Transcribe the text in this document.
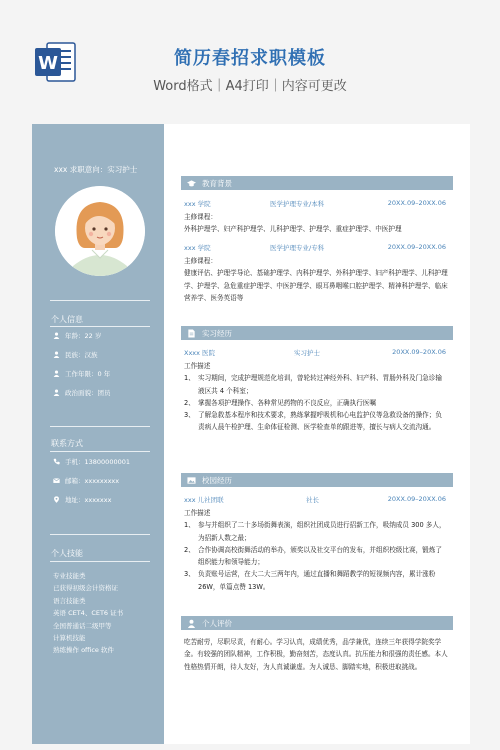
W	简历春招求职模板
Word格式｜A4打印｜内容可更改
xxx 求职意向：实习护士
个人信息
年龄：22 岁
民族：汉族
工作年限：0 年
政治面貌：团员
联系方式
手机：13800000001
邮箱：xxxxxxxxx
地址：xxxxxxx
个人技能
专业技能类
已获得初级会计资格证
语言技能类
英语 CET4、CET6 证书
全国普通话二级甲等
计算机技能
熟练操作 office 软件
教育背景
xxx 学院	医学护理专业/本科	20XX.09–20XX.06
主修课程：
外科护理学、妇产科护理学、儿科护理学、护理学、重症护理学、中医护理
xxx 学院	医学护理专业/专科	20XX.09–20XX.06
主修课程：
健康评估、护理学导论、基础护理学、内科护理学、外科护理学、妇产科护理学、儿科护理学、护理学、急危重症护理学、中医护理学、眼耳鼻咽喉口腔护理学、精神科护理学、临床营养学、医务英语等
实习经历
Xxxx 医院	实习护士	20XX.09–20X.06
工作描述
1、 实习期间，完成护理规范化培训，曾轮转过神经外科、妇产科、胃肠外科及门急诊输液区共 4 个科室；
2、 掌握各项护理操作、各种常见药物的不良反应，正确执行医嘱
3、 了解急救基本程序和技术要求，熟练掌握呼吸机和心电监护仪等急救设备的操作；负责病人晨午检护理、生命体征检测、医学检查单的跟进等，擅长与病人交流沟通。
校园经历
xxx 儿社团联	社长	20XX.09–20XX.06
工作描述
1、 参与并组织了二十多场街舞表演，组织社团成员进行招新工作，吸纳成员 300 多人，为招新人数之最；
2、 合作协调高校街舞活动的举办，颁奖以及社交平台的发布，并组织校级比赛，锻炼了组织能力和领导能力；
3、 负责账号运营，在大二大三两年内，通过直播和舞蹈教学的短视频内容，累计涨粉 26W，单篇点赞 13W。
个人评价
吃苦耐劳，尽职尽责，有耐心。学习认真，成绩优秀，品学兼优，连续三年获得学院奖学金。有较强的团队精神，工作积极，勤奋刻苦，态度认真。抗压能力和很强的责任感。本人性格热情开朗，待人友好，为人真诚谦虚。为人诚恳、脚踏实地，积极进取挑战。
